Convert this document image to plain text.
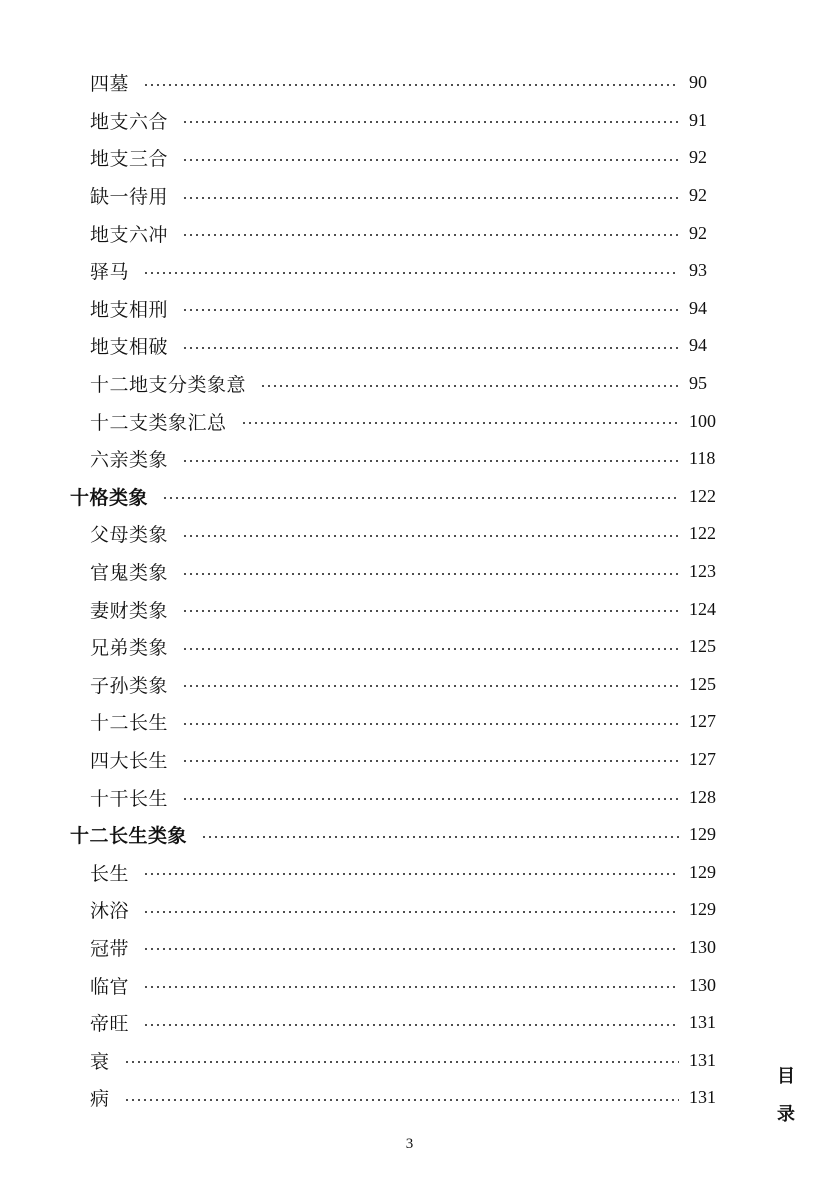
四墓	90
地支六合	91
地支三合	92
缺一待用	92
地支六冲	92
驿马	93
地支相刑	94
地支相破	94
十二地支分类象意	95
十二支类象汇总	100
六亲类象	118
十格类象	122
父母类象	122
官鬼类象	123
妻财类象	124
兄弟类象	125
子孙类象	125
十二长生	127
四大长生	127
十干长生	128
十二长生类象	129
长生	129
沐浴	129
冠带	130
临官	130
帝旺	131
衰	131
病	131
目
录
3
